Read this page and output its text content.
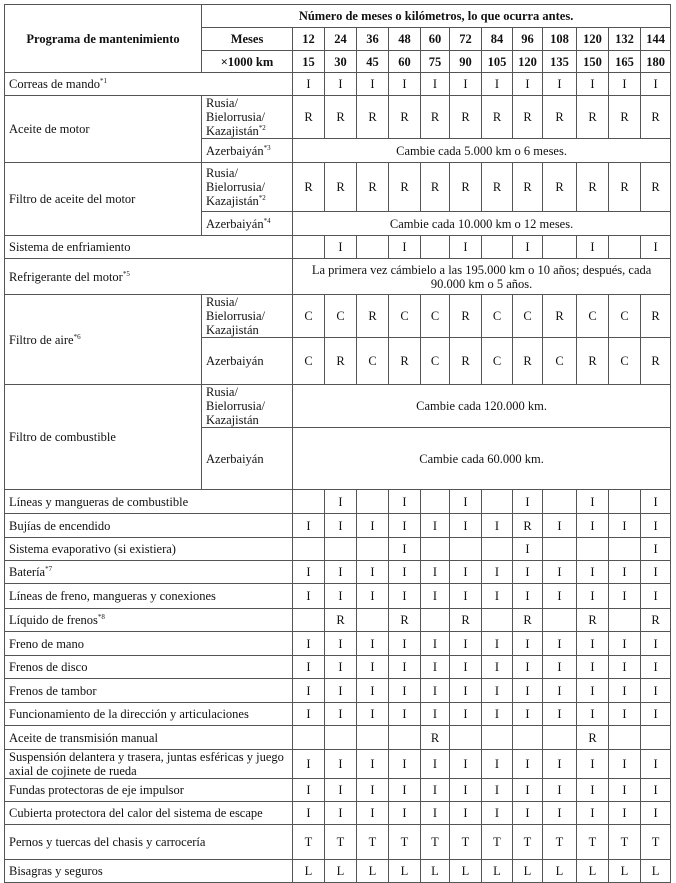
Programa de mantenimiento	Número de meses o kilómetros, lo que ocurra antes.												
	Meses	12	24	36	48	60	72	84	96	108	120	132	144
	×1000 km	15	30	45	60	75	90	105	120	135	150	165	180
Correas de mando$^{*1}$		I	I	I	I	I	I	I	I	I	I	I	I
Aceite de motor	Rusia/ Bielorrusia/ Kazajistán$^{*2}$	R	R	R	R	R	R	R	R	R	R	R	R
	Azerbaiyán$^{*3}$	Cambie cada 5.000 km o 6 meses.											
Filtro de aceite del motor	Rusia/ Bielorrusia/ Kazajistán$^{*2}$	R	R	R	R	R	R	R	R	R	R	R	R
	Azerbaiyán$^{*4}$	Cambie cada 10.000 km o 12 meses.											
Sistema de enfriamiento			I		I		I		I		I		I
Refrigerante del motor$^{*5}$		La primera vez cámbielo a las 195.000 km o 10 años; después, cada 90.000 km o 5 años.											
Filtro de aire$^{*6}$	Rusia/ Bielorrusia/ Kazajistán	C	C	R	C	C	R	C	C	R	C	C	R
	Azerbaiyán	C	R	C	R	C	R	C	R	C	R	C	R
Filtro de combustible	Rusia/ Bielorrusia/ Kazajistán	Cambie cada 120.000 km.											
	Azerbaiyán	Cambie cada 60.000 km.											
Líneas y mangueras de combustible			I		I		I		I		I		I
Bujías de encendido		I	I	I	I	I	I	I	R	I	I	I	I
Sistema evaporativo (si existiera)					I				I				I
Batería$^{*7}$		I	I	I	I	I	I	I	I	I	I	I	I
Líneas de freno, mangueras y conexiones		I	I	I	I	I	I	I	I	I	I	I	I
Líquido de frenos$^{*8}$			R		R		R		R		R		R
Freno de mano		I	I	I	I	I	I	I	I	I	I	I	I
Frenos de disco		I	I	I	I	I	I	I	I	I	I	I	I
Frenos de tambor		I	I	I	I	I	I	I	I	I	I	I	I
Funcionamiento de la dirección y articulaciones		I	I	I	I	I	I	I	I	I	I	I	I
Aceite de transmisión manual						R					R		
Suspensión delantera y trasera, juntas esféricas y juego axial de cojinete de rueda		I	I	I	I	I	I	I	I	I	I	I	I
Fundas protectoras de eje impulsor		I	I	I	I	I	I	I	I	I	I	I	I
Cubierta protectora del calor del sistema de escape		I	I	I	I	I	I	I	I	I	I	I	I
Pernos y tuercas del chasis y carrocería		T	T	T	T	T	T	T	T	T	T	T	T
Bisagras y seguros		L	L	L	L	L	L	L	L	L	L	L	L
